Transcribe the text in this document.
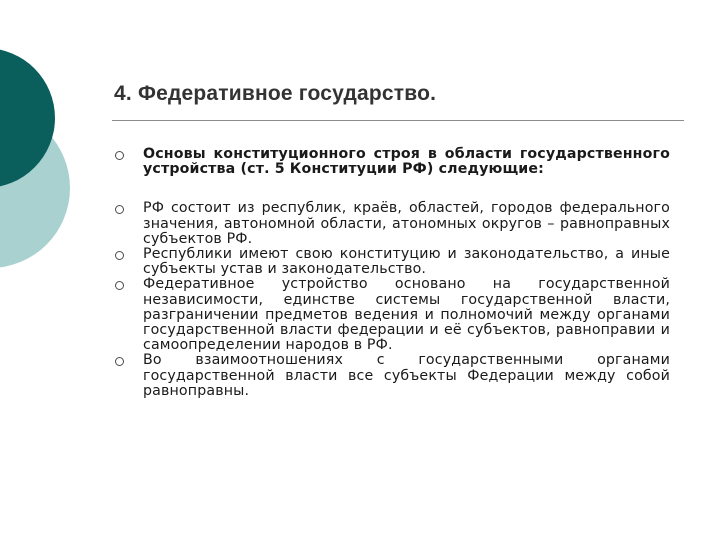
4. Федеративное государство.
Основы конституционного строя в области государственного устройства (ст. 5 Конституции РФ) следующие:
РФ состоит из республик, краёв, областей, городов федерального значения, автономной области, атономных округов – равноправных субъектов РФ.
Республики имеют свою конституцию и законодательство, а иные субъекты устав и законодательство.
Федеративное устройство основано на государственной независимости, единстве системы государственной власти, разграничении предметов ведения и полномочий между органами государственной власти федерации и её субъектов, равноправии и самоопределении народов в РФ.
Во взаимоотношениях с государственными органами государственной власти все субъекты Федерации между собой равноправны.
